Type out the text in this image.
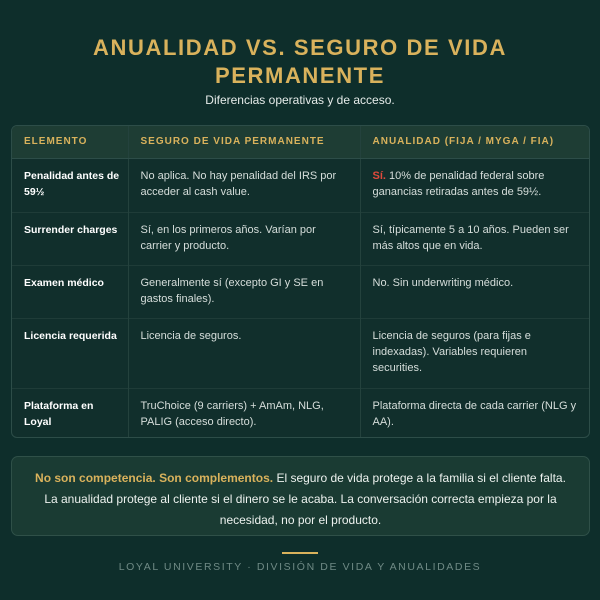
ANUALIDAD VS. SEGURO DE VIDA PERMANENTE

Diferencias operativas y de acceso.

ELEMENTO	SEGURO DE VIDA PERMANENTE	ANUALIDAD (FIJA / MYGA / FIA)
Penalidad antes de 59½	No aplica. No hay penalidad del IRS por acceder al cash value.	Sí. 10% de penalidad federal sobre ganancias retiradas antes de 59½.
Surrender charges	Sí, en los primeros años. Varían por carrier y producto.	Sí, típicamente 5 a 10 años. Pueden ser más altos que en vida.
Examen médico	Generalmente sí (excepto GI y SE en gastos finales).	No. Sin underwriting médico.
Licencia requerida	Licencia de seguros.	Licencia de seguros (para fijas e indexadas). Variables requieren securities.
Plataforma en Loyal	TruChoice (9 carriers) + AmAm, NLG, PALIG (acceso directo).	Plataforma directa de cada carrier (NLG y AA).
No son competencia. Son complementos. El seguro de vida protege a la familia si el cliente falta. La anualidad protege al cliente si el dinero se le acaba. La conversación correcta empieza por la necesidad, no por el producto.
LOYAL UNIVERSITY · DIVISIÓN DE VIDA Y ANUALIDADES
